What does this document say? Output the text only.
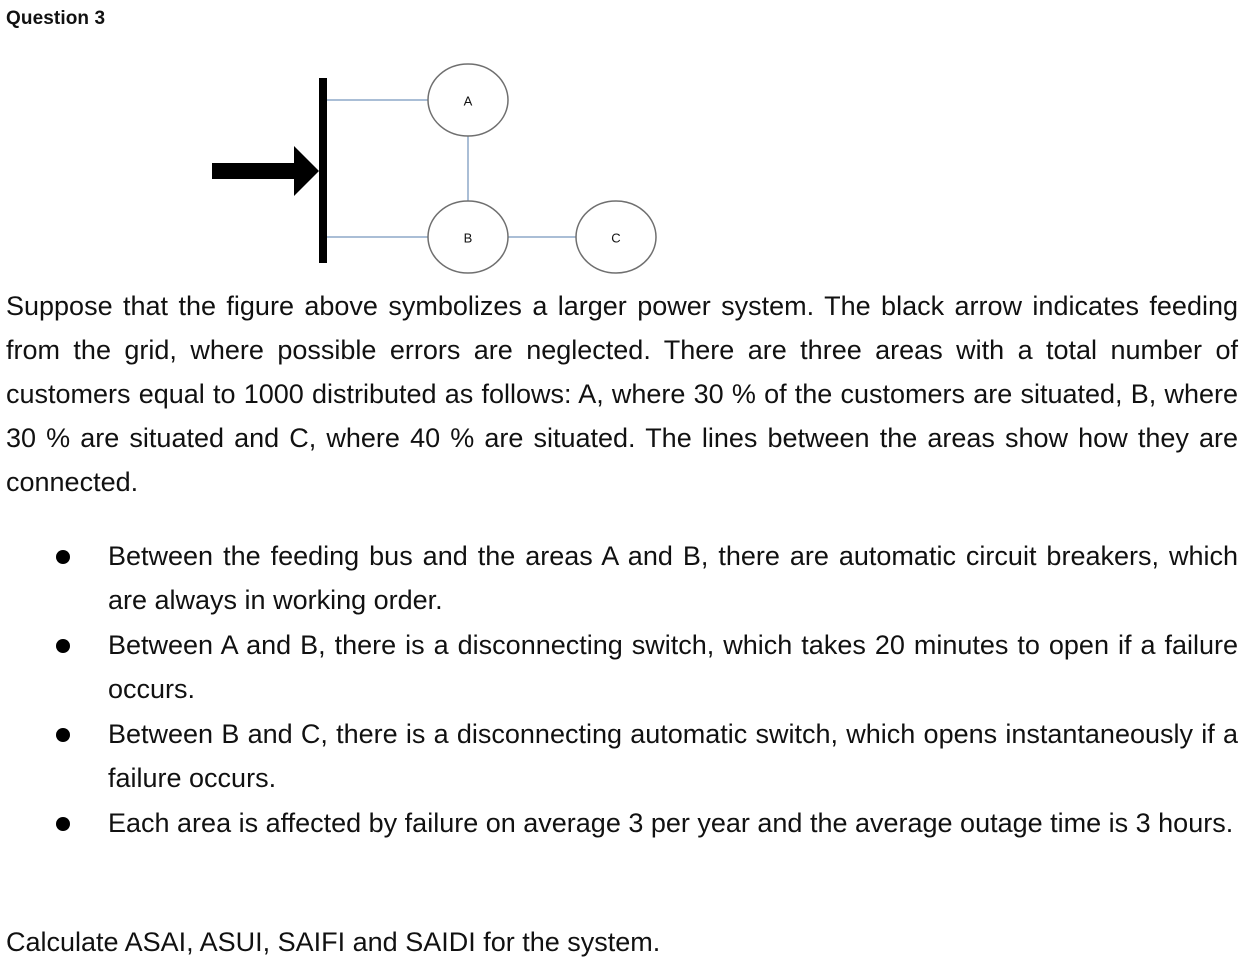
Question 3
A
B	C

Suppose that the figure above symbolizes a larger power system. The black arrow indicates feeding from the grid, where possible errors are neglected. There are three areas with a total number of customers equal to 1000 distributed as follows: A, where 30 % of the customers are situated, B, where 30 % are situated and C, where 40 % are situated. The lines between the areas show how they are connected.

Between the feeding bus and the areas A and B, there are automatic circuit breakers, which are always in working order.
Between A and B, there is a disconnecting switch, which takes 20 minutes to open if a failure occurs.
Between B and C, there is a disconnecting automatic switch, which opens instantaneously if a failure occurs.
Each area is affected by failure on average 3 per year and the average outage time is 3 hours.

Calculate ASAI, ASUI, SAIFI and SAIDI for the system.
